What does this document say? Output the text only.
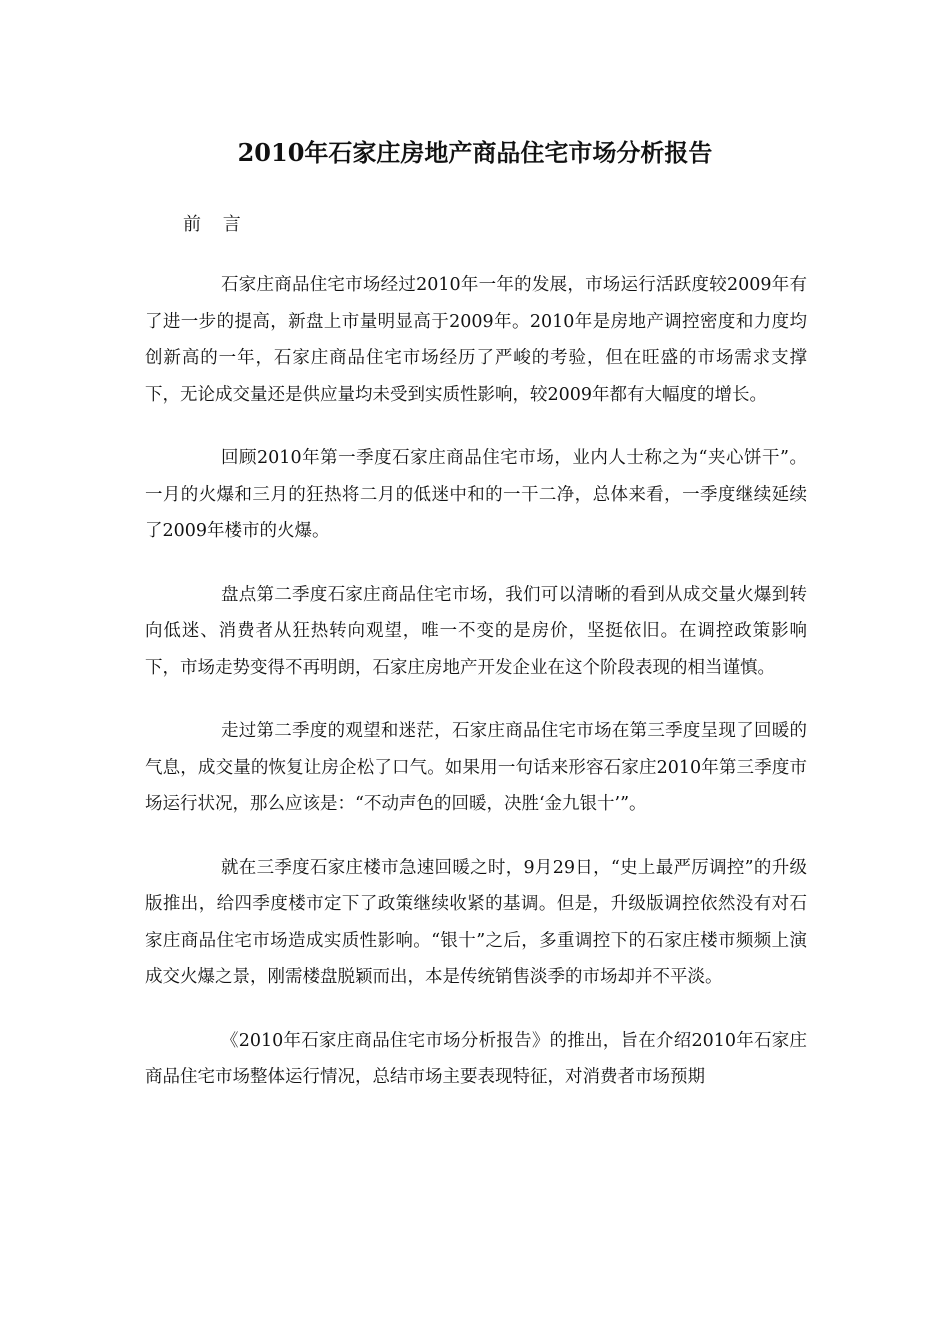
2010年石家庄房地产商品住宅市场分析报告

前 言

石家庄商品住宅市场经过2010年一年的发展，市场运行活跃度较2009年有了进一步的提高，新盘上市量明显高于2009年。2010年是房地产调控密度和力度均创新高的一年，石家庄商品住宅市场经历了严峻的考验，但在旺盛的市场需求支撑下，无论成交量还是供应量均未受到实质性影响，较2009年都有大幅度的增长。

回顾2010年第一季度石家庄商品住宅市场，业内人士称之为“夹心饼干”。一月的火爆和三月的狂热将二月的低迷中和的一干二净，总体来看，一季度继续延续了2009年楼市的火爆。

盘点第二季度石家庄商品住宅市场，我们可以清晰的看到从成交量火爆到转向低迷、消费者从狂热转向观望，唯一不变的是房价，坚挺依旧。在调控政策影响下，市场走势变得不再明朗，石家庄房地产开发企业在这个阶段表现的相当谨慎。

走过第二季度的观望和迷茫，石家庄商品住宅市场在第三季度呈现了回暖的气息，成交量的恢复让房企松了口气。如果用一句话来形容石家庄2010年第三季度市场运行状况，那么应该是：“不动声色的回暖，决胜‘金九银十’”。

就在三季度石家庄楼市急速回暖之时，9月29日，“史上最严厉调控”的升级版推出，给四季度楼市定下了政策继续收紧的基调。但是，升级版调控依然没有对石家庄商品住宅市场造成实质性影响。“银十”之后，多重调控下的石家庄楼市频频上演成交火爆之景，刚需楼盘脱颖而出，本是传统销售淡季的市场却并不平淡。

《2010年石家庄商品住宅市场分析报告》的推出，旨在介绍2010年石家庄商品住宅市场整体运行情况，总结市场主要表现特征，对消费者市场预期
